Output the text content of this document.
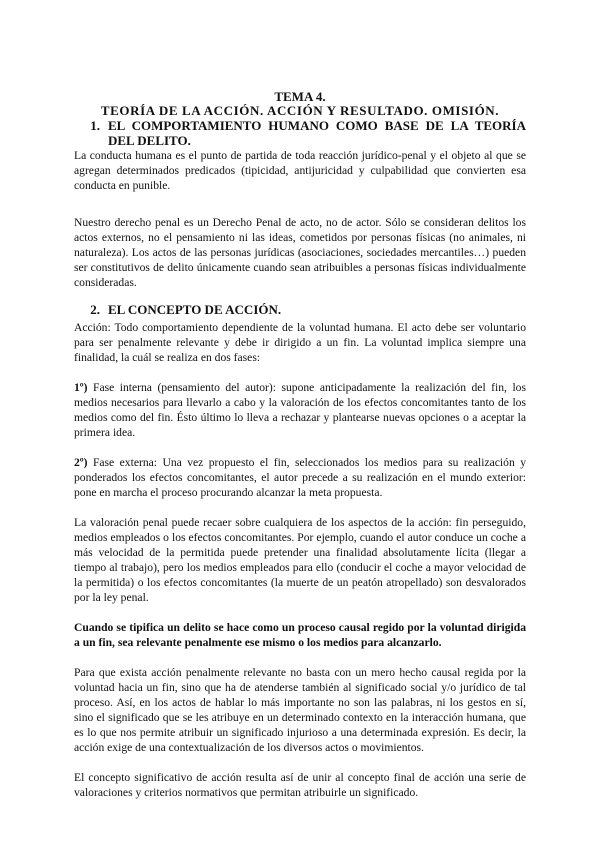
TEMA 4.
TEORÍA DE LA ACCIÓN. ACCIÓN Y RESULTADO. OMISIÓN.
1. EL COMPORTAMIENTO HUMANO COMO BASE DE LA TEORÍA DEL DELITO.

La conducta humana es el punto de partida de toda reacción jurídico-penal y el objeto al que se agregan determinados predicados (tipicidad, antijuricidad y culpabilidad que convierten esa conducta en punible.

Nuestro derecho penal es un Derecho Penal de acto, no de actor. Sólo se consideran delitos los actos externos, no el pensamiento ni las ideas, cometidos por personas físicas (no animales, ni naturaleza). Los actos de las personas jurídicas (asociaciones, sociedades mercantiles…) pueden ser constitutivos de delito únicamente cuando sean atribuibles a personas físicas individualmente consideradas.

2. EL CONCEPTO DE ACCIÓN.

Acción: Todo comportamiento dependiente de la voluntad humana. El acto debe ser voluntario para ser penalmente relevante y debe ir dirigido a un fin. La voluntad implica siempre una finalidad, la cuál se realiza en dos fases:

1º) Fase interna (pensamiento del autor): supone anticipadamente la realización del fin, los medios necesarios para llevarlo a cabo y la valoración de los efectos concomitantes tanto de los medios como del fin. Ésto último lo lleva a rechazar y plantearse nuevas opciones o a aceptar la primera idea.

2º) Fase externa: Una vez propuesto el fin, seleccionados los medios para su realización y ponderados los efectos concomitantes, el autor precede a su realización en el mundo exterior: pone en marcha el proceso procurando alcanzar la meta propuesta.

La valoración penal puede recaer sobre cualquiera de los aspectos de la acción: fin perseguido, medios empleados o los efectos concomitantes. Por ejemplo, cuando el autor conduce un coche a más velocidad de la permitida puede pretender una finalidad absolutamente lícita (llegar a tiempo al trabajo), pero los medios empleados para ello (conducir el coche a mayor velocidad de la permitida) o los efectos concomitantes (la muerte de un peatón atropellado) son desvalorados por la ley penal.

Cuando se tipifica un delito se hace como un proceso causal regido por la voluntad dirigida a un fin, sea relevante penalmente ese mismo o los medios para alcanzarlo.

Para que exista acción penalmente relevante no basta con un mero hecho causal regida por la voluntad hacia un fin, sino que ha de atenderse también al significado social y/o jurídico de tal proceso. Así, en los actos de hablar lo más importante no son las palabras, ni los gestos en sí, sino el significado que se les atribuye en un determinado contexto en la interacción humana, que es lo que nos permite atribuir un significado injurioso a una determinada expresión. Es decir, la acción exige de una contextualización de los diversos actos o movimientos.

El concepto significativo de acción resulta así de unir al concepto final de acción una serie de valoraciones y criterios normativos que permitan atribuirle un significado.
